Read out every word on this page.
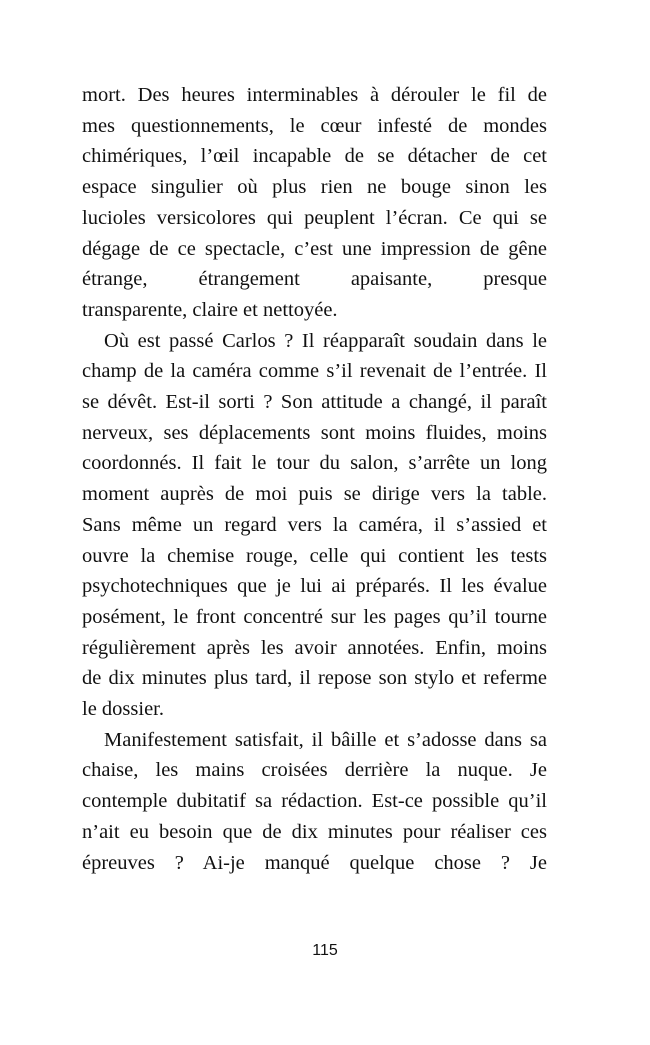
mort. Des heures interminables à dérouler le fil de
mes questionnements, le cœur infesté de mondes
chimériques, l’œil incapable de se détacher de cet
espace singulier où plus rien ne bouge sinon les
lucioles versicolores qui peuplent l’écran. Ce qui se
dégage de ce spectacle, c’est une impression de gêne
étrange, étrangement apaisante, presque
transparente, claire et nettoyée.
Où est passé Carlos ? Il réapparaît soudain dans le
champ de la caméra comme s’il revenait de l’entrée. Il
se dévêt. Est-il sorti ? Son attitude a changé, il paraît
nerveux, ses déplacements sont moins fluides, moins
coordonnés. Il fait le tour du salon, s’arrête un long
moment auprès de moi puis se dirige vers la table.
Sans même un regard vers la caméra, il s’assied et
ouvre la chemise rouge, celle qui contient les tests
psychotechniques que je lui ai préparés. Il les évalue
posément, le front concentré sur les pages qu’il tourne
régulièrement après les avoir annotées. Enfin, moins
de dix minutes plus tard, il repose son stylo et referme
le dossier.
Manifestement satisfait, il bâille et s’adosse dans sa
chaise, les mains croisées derrière la nuque. Je
contemple dubitatif sa rédaction. Est-ce possible qu’il
n’ait eu besoin que de dix minutes pour réaliser ces
épreuves ? Ai-je manqué quelque chose ? Je
115
